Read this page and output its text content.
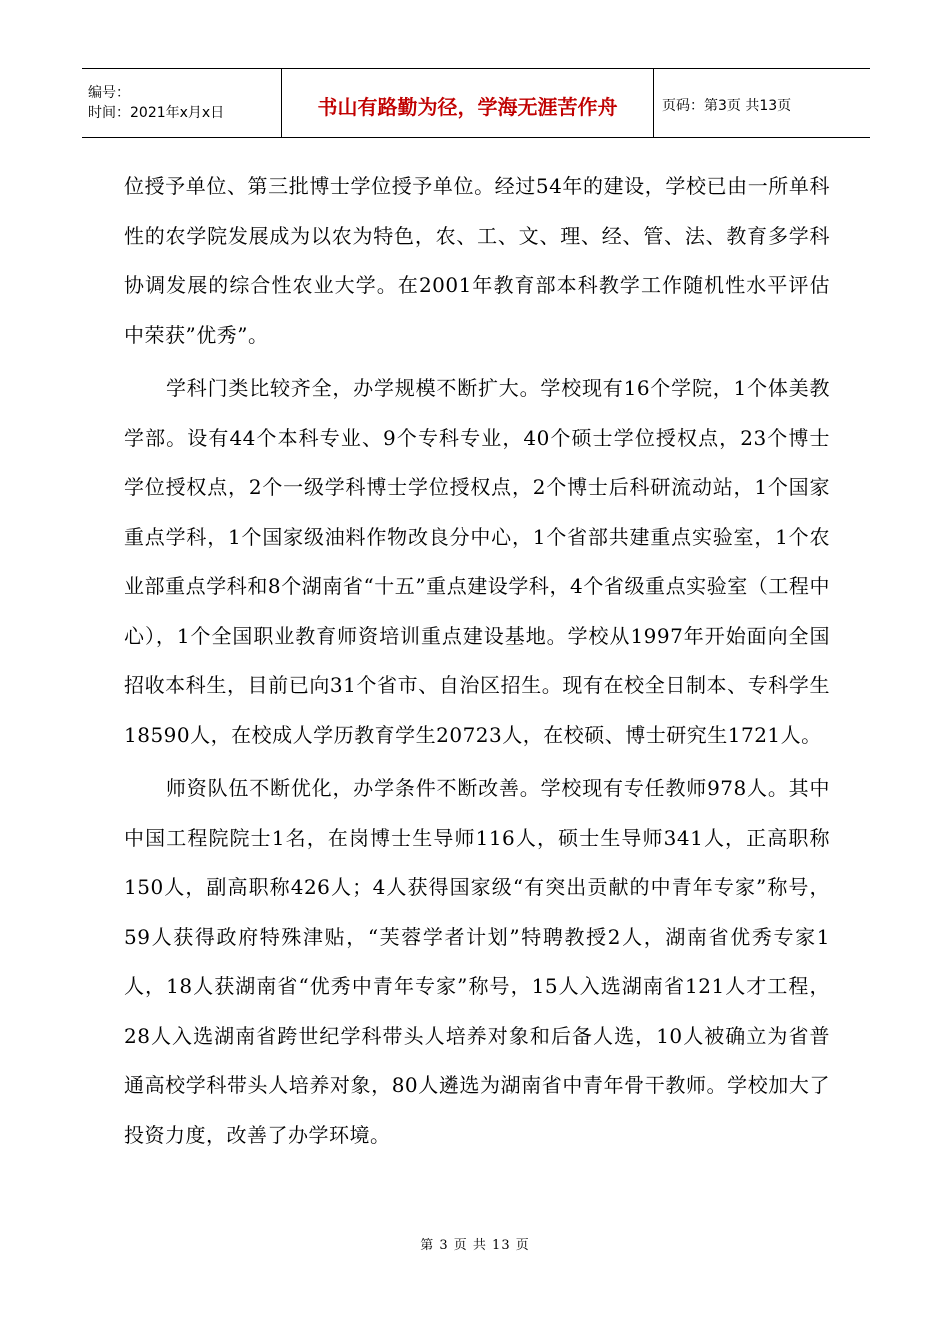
编号：
时间：2021年x月x日	书山有路勤为径，学海无涯苦作舟	页码：第3页 共13页

位授予单位、第三批博士学位授予单位。经过54年的建设，学校已由一所单科性的农学院发展成为以农为特色，农、工、文、理、经、管、法、教育多学科协调发展的综合性农业大学。在2001年教育部本科教学工作随机性水平评估中荣获”优秀”。

学科门类比较齐全，办学规模不断扩大。学校现有16个学院，1个体美教学部。设有44个本科专业、9个专科专业，40个硕士学位授权点，23个博士学位授权点，2个一级学科博士学位授权点，2个博士后科研流动站，1个国家重点学科，1个国家级油料作物改良分中心，1个省部共建重点实验室，1个农业部重点学科和8个湖南省“十五”重点建设学科，4个省级重点实验室（工程中心），1个全国职业教育师资培训重点建设基地。学校从1997年开始面向全国招收本科生，目前已向31个省市、自治区招生。现有在校全日制本、专科学生18590人，在校成人学历教育学生20723人，在校硕、博士研究生1721人。

师资队伍不断优化，办学条件不断改善。学校现有专任教师978人。其中中国工程院院士1名，在岗博士生导师116人，硕士生导师341人，正高职称150人，副高职称426人；4人获得国家级“有突出贡献的中青年专家”称号，59人获得政府特殊津贴，“芙蓉学者计划”特聘教授2人，湖南省优秀专家1人，18人获湖南省“优秀中青年专家”称号，15人入选湖南省121人才工程，28人入选湖南省跨世纪学科带头人培养对象和后备人选，10人被确立为省普通高校学科带头人培养对象，80人遴选为湖南省中青年骨干教师。学校加大了投资力度，改善了办学环境。

第 3 页 共 13 页
